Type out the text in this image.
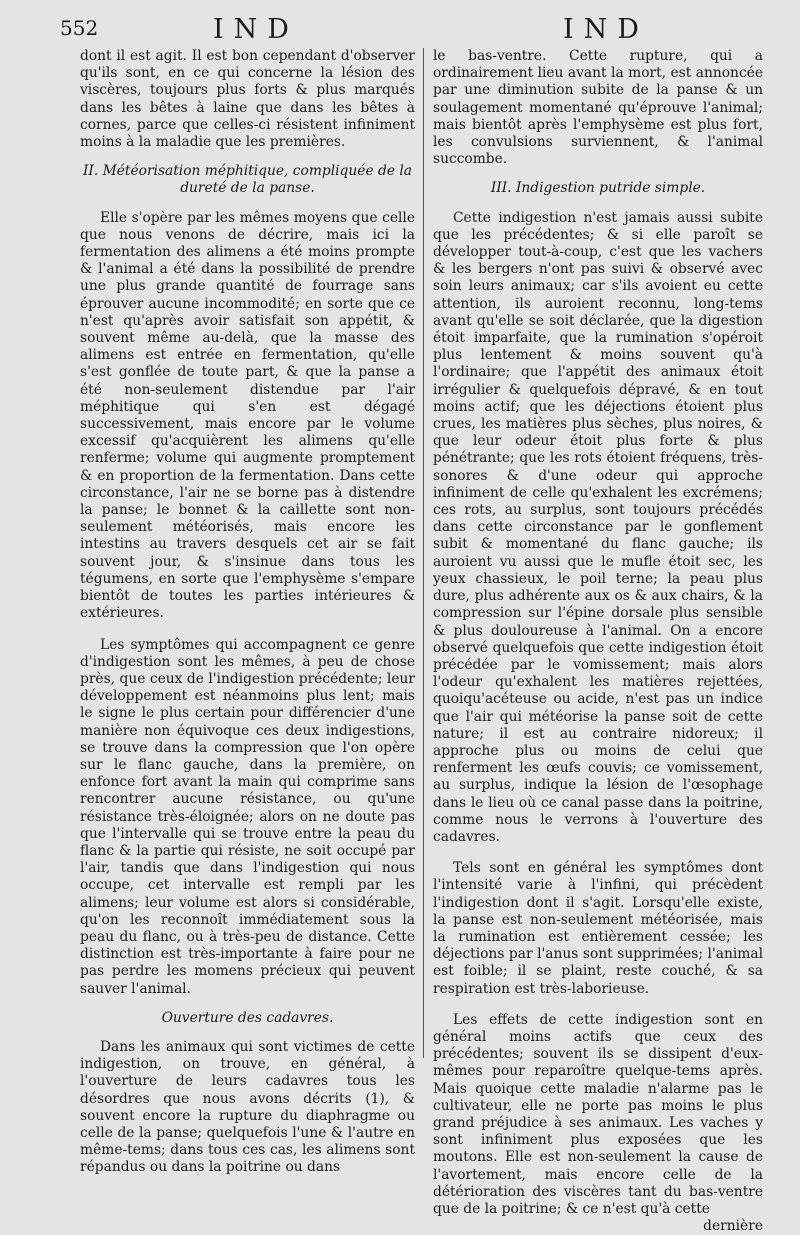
552	IND	IND

dont il est agit. Il est bon cependant d'observer qu'ils sont, en ce qui concerne la lésion des viscères, toujours plus forts & plus marqués dans les bêtes à laine que dans les bêtes à cornes, parce que celles-ci résistent infiniment moins à la maladie que les premières.

II. Météorisation méphitique, compliquée de la dureté de la panse.

Elle s'opère par les mêmes moyens que celle que nous venons de décrire, mais ici la fermentation des alimens a été moins prompte & l'animal a été dans la possibilité de prendre une plus grande quantité de fourrage sans éprouver aucune incommodité; en sorte que ce n'est qu'après avoir satisfait son appétit, & souvent même au-delà, que la masse des alimens est entrée en fermentation, qu'elle s'est gonflée de toute part, & que la panse a été non-seulement distendue par l'air méphitique qui s'en est dégagé successivement, mais encore par le volume excessif qu'acquièrent les alimens qu'elle renferme; volume qui augmente promptement & en proportion de la fermentation. Dans cette circonstance, l'air ne se borne pas à distendre la panse; le bonnet & la caillette sont non-seulement météorisés, mais encore les intestins au travers desquels cet air se fait souvent jour, & s'insinue dans tous les tégumens, en sorte que l'emphysème s'empare bientôt de toutes les parties intérieures & extérieures.

Les symptômes qui accompagnent ce genre d'indigestion sont les mêmes, à peu de chose près, que ceux de l'indigestion précédente; leur développement est néanmoins plus lent; mais le signe le plus certain pour différencier d'une manière non équivoque ces deux indigestions, se trouve dans la compression que l'on opère sur le flanc gauche, dans la première, on enfonce fort avant la main qui comprime sans rencontrer aucune résistance, ou qu'une résistance très-éloignée; alors on ne doute pas que l'intervalle qui se trouve entre la peau du flanc & la partie qui résiste, ne soit occupé par l'air, tandis que dans l'indigestion qui nous occupe, cet intervalle est rempli par les alimens; leur volume est alors si considérable, qu'on les reconnoît immédiatement sous la peau du flanc, ou à très-peu de distance. Cette distinction est très-importante à faire pour ne pas perdre les momens précieux qui peuvent sauver l'animal.

Ouverture des cadavres.

Dans les animaux qui sont victimes de cette indigestion, on trouve, en général, à l'ouverture de leurs cadavres tous les désordres que nous avons décrits (1), & souvent encore la rupture du diaphragme ou celle de la panse; quelquefois l'une & l'autre en même-tems; dans tous ces cas, les alimens sont répandus ou dans la poitrine ou dans

le bas-ventre. Cette rupture, qui a ordinairement lieu avant la mort, est annoncée par une diminution subite de la panse & un soulagement momentané qu'éprouve l'animal; mais bientôt après l'emphysème est plus fort, les convulsions surviennent, & l'animal succombe.

III. Indigestion putride simple.

Cette indigestion n'est jamais aussi subite que les précédentes; & si elle paroît se développer tout-à-coup, c'est que les vachers & les bergers n'ont pas suivi & observé avec soin leurs animaux; car s'ils avoient eu cette attention, ils auroient reconnu, long-tems avant qu'elle se soit déclarée, que la digestion étoit imparfaite, que la rumination s'opéroit plus lentement & moins souvent qu'à l'ordinaire; que l'appétit des animaux étoit irrégulier & quelquefois dépravé, & en tout moins actif; que les déjections étoient plus crues, les matières plus sèches, plus noires, & que leur odeur étoit plus forte & plus pénétrante; que les rots étoient fréquens, très-sonores & d'une odeur qui approche infiniment de celle qu'exhalent les excrémens; ces rots, au surplus, sont toujours précédés dans cette circonstance par le gonflement subit & momentané du flanc gauche; ils auroient vu aussi que le mufle étoit sec, les yeux chassieux, le poil terne; la peau plus dure, plus adhérente aux os & aux chairs, & la compression sur l'épine dorsale plus sensible & plus douloureuse à l'animal. On a encore observé quelquefois que cette indigestion étoit précédée par le vomissement; mais alors l'odeur qu'exhalent les matières rejettées, quoiqu'acéteuse ou acide, n'est pas un indice que l'air qui météorise la panse soit de cette nature; il est au contraire nidoreux; il approche plus ou moins de celui que renferment les œufs couvis; ce vomissement, au surplus, indique la lésion de l'œsophage dans le lieu où ce canal passe dans la poitrine, comme nous le verrons à l'ouverture des cadavres.

Tels sont en général les symptômes dont l'intensité varie à l'infini, qui précèdent l'indigestion dont il s'agit. Lorsqu'elle existe, la panse est non-seulement météorisée, mais la rumination est entièrement cessée; les déjections par l'anus sont supprimées; l'animal est foible; il se plaint, reste couché, & sa respiration est très-laborieuse.

Les effets de cette indigestion sont en général moins actifs que ceux des précédentes; souvent ils se dissipent d'eux-mêmes pour reparoître quelque-tems après. Mais quoique cette maladie n'alarme pas le cultivateur, elle ne porte pas moins le plus grand préjudice à ses animaux. Les vaches y sont infiniment plus exposées que les moutons. Elle est non-seulement la cause de l'avortement, mais encore celle de la détérioration des viscères tant du bas-ventre que de la poitrine; & ce n'est qu'à cette

dernière
